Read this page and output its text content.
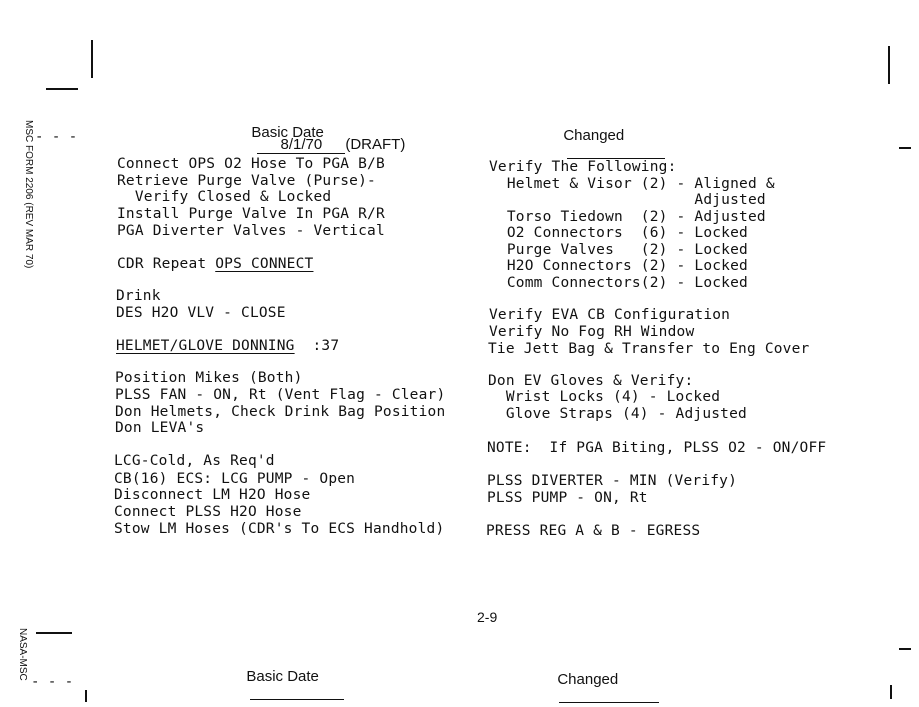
- - -
- - -
MSC FORM 2206 (REV MAR 70)
NASA-MSC

Basic Date
8/1/70 (DRAFT)

Changed

Connect OPS O2 Hose To PGA B/B
Retrieve Purge Valve (Purse)-
Verify Closed & Locked
Install Purge Valve In PGA R/R
PGA Diverter Valves - Vertical
CDR Repeat OPS CONNECT
Drink
DES H2O VLV - CLOSE
HELMET/GLOVE DONNING  :37
Position Mikes (Both)
PLSS FAN - ON, Rt (Vent Flag - Clear)
Don Helmets, Check Drink Bag Position
Don LEVA's
LCG-Cold, As Req'd
CB(16) ECS: LCG PUMP - Open
Disconnect LM H2O Hose
Connect PLSS H2O Hose
Stow LM Hoses (CDR's To ECS Handhold)
Verify The Following:
Helmet & Visor (2) - Aligned &
Adjusted
Torso Tiedown  (2) - Adjusted
O2 Connectors  (6) - Locked
Purge Valves   (2) - Locked
H2O Connectors (2) - Locked
Comm Connectors(2) - Locked
Verify EVA CB Configuration
Verify No Fog RH Window
Tie Jett Bag & Transfer to Eng Cover
Don EV Gloves & Verify:
Wrist Locks (4) - Locked
Glove Straps (4) - Adjusted
NOTE:  If PGA Biting, PLSS O2 - ON/OFF
PLSS DIVERTER - MIN (Verify)
PLSS PUMP - ON, Rt
PRESS REG A & B - EGRESS
2-9

Basic Date
	Changed
